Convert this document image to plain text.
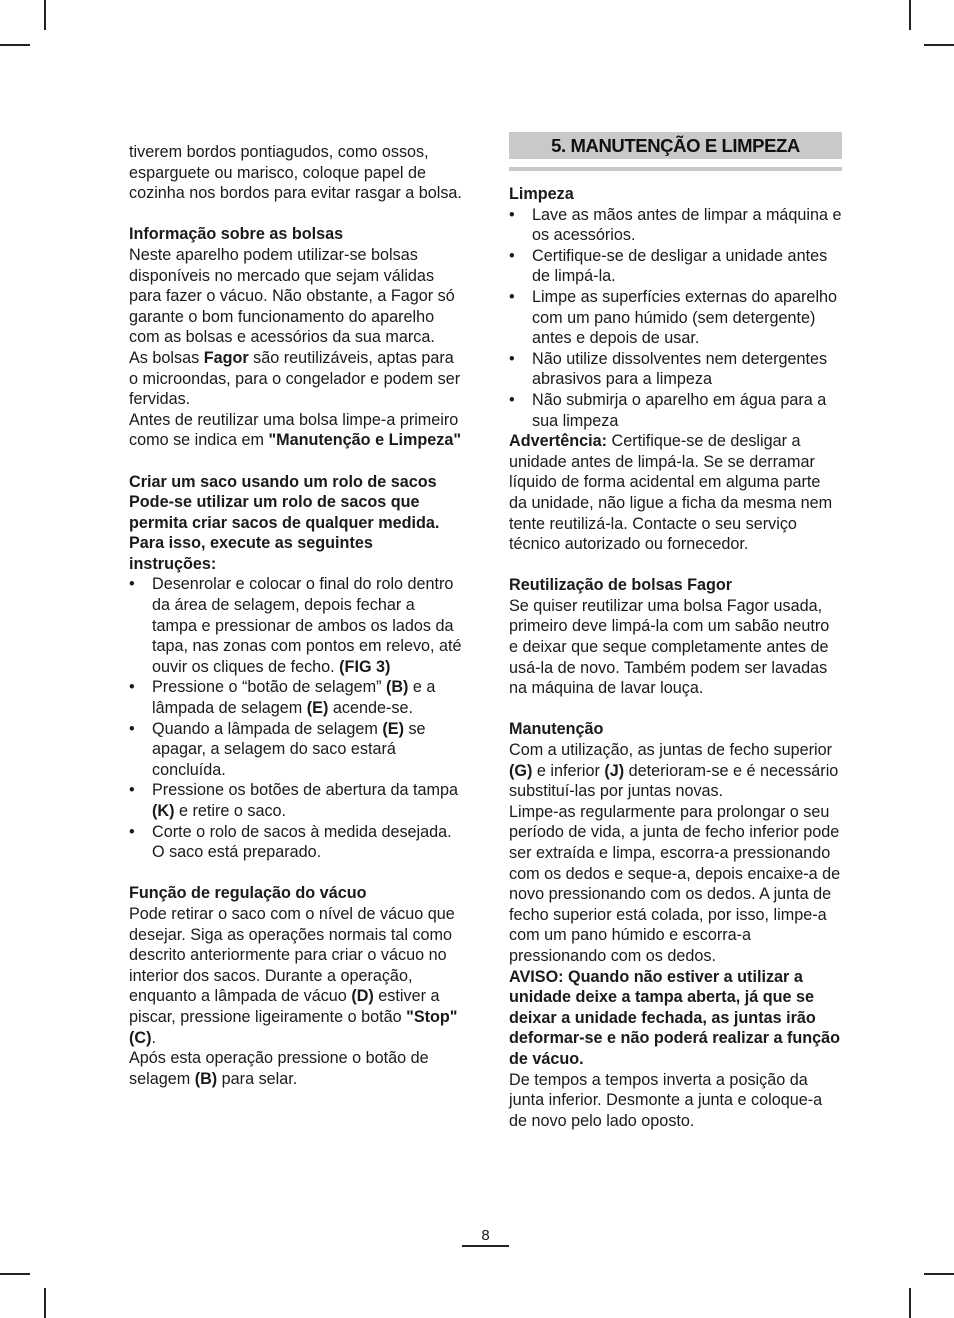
tiverem bordos pontiagudos, como ossos, esparguete ou marisco, coloque papel de cozinha nos bordos para evitar rasgar a bolsa.

Informação sobre as bolsas

Neste aparelho podem utilizar-se bolsas disponíveis no mercado que sejam válidas para fazer o vácuo. Não obstante, a Fagor só garante o bom funcionamento do aparelho com as bolsas e acessórios da sua marca.

As bolsas Fagor são reutilizáveis, aptas para o microondas, para o congelador e podem ser fervidas.

Antes de reutilizar uma bolsa limpe-a primeiro como se indica em "Manutenção e Limpeza"

Criar um saco usando um rolo de sacos

Pode-se utilizar um rolo de sacos que permita criar sacos de qualquer medida. Para isso, execute as seguintes instruções:

• Desenrolar e colocar o final do rolo dentro da área de selagem, depois fechar a tampa e pressionar de ambos os lados da tapa, nas zonas com pontos em relevo, até ouvir os cliques de fecho. (FIG 3)
• Pressione o “botão de selagem” (B) e a lâmpada de selagem (E) acende-se.
• Quando a lâmpada de selagem (E) se apagar, a selagem do saco estará concluída.
• Pressione os botões de abertura da tampa (K) e retire o saco.
• Corte o rolo de sacos à medida desejada. O saco está preparado.

Função de regulação do vácuo

Pode retirar o saco com o nível de vácuo que desejar. Siga as operações normais tal como descrito anteriormente para criar o vácuo no interior dos sacos. Durante a operação, enquanto a lâmpada de vácuo (D) estiver a piscar, pressione ligeiramente o botão "Stop" (C).

Após esta operação pressione o botão de selagem (B) para selar.

5. MANUTENÇÃO E LIMPEZA

Limpeza

• Lave as mãos antes de limpar a máquina e os acessórios.
• Certifique-se de desligar a unidade antes de limpá-la.
• Limpe as superfícies externas do aparelho com um pano húmido (sem detergente) antes e depois de usar.
• Não utilize dissolventes nem detergentes abrasivos para a limpeza
• Não submirja o aparelho em água para a sua limpeza

Advertência: Certifique-se de desligar a unidade antes de limpá-la. Se se derramar líquido de forma acidental em alguma parte da unidade, não ligue a ficha da mesma nem tente reutilizá-la. Contacte o seu serviço técnico autorizado ou fornecedor.

Reutilização de bolsas Fagor

Se quiser reutilizar uma bolsa Fagor usada, primeiro deve limpá-la com um sabão neutro e deixar que seque completamente antes de usá-la de novo. Também podem ser lavadas na máquina de lavar louça.

Manutenção

Com a utilização, as juntas de fecho superior (G) e inferior (J) deterioram-se e é necessário substituí-las por juntas novas.

Limpe-as regularmente para prolongar o seu período de vida, a junta de fecho inferior pode ser extraída e limpa, escorra-a pressionando com os dedos e seque-a, depois encaixe-a de novo pressionando com os dedos. A junta de fecho superior está colada, por isso, limpe-a com um pano húmido e escorra-a pressionando com os dedos.

AVISO: Quando não estiver a utilizar a unidade deixe a tampa aberta, já que se deixar a unidade fechada, as juntas irão deformar-se e não poderá realizar a função de vácuo.

De tempos a tempos inverta a posição da junta inferior. Desmonte a junta e coloque-a de novo pelo lado oposto.

8
